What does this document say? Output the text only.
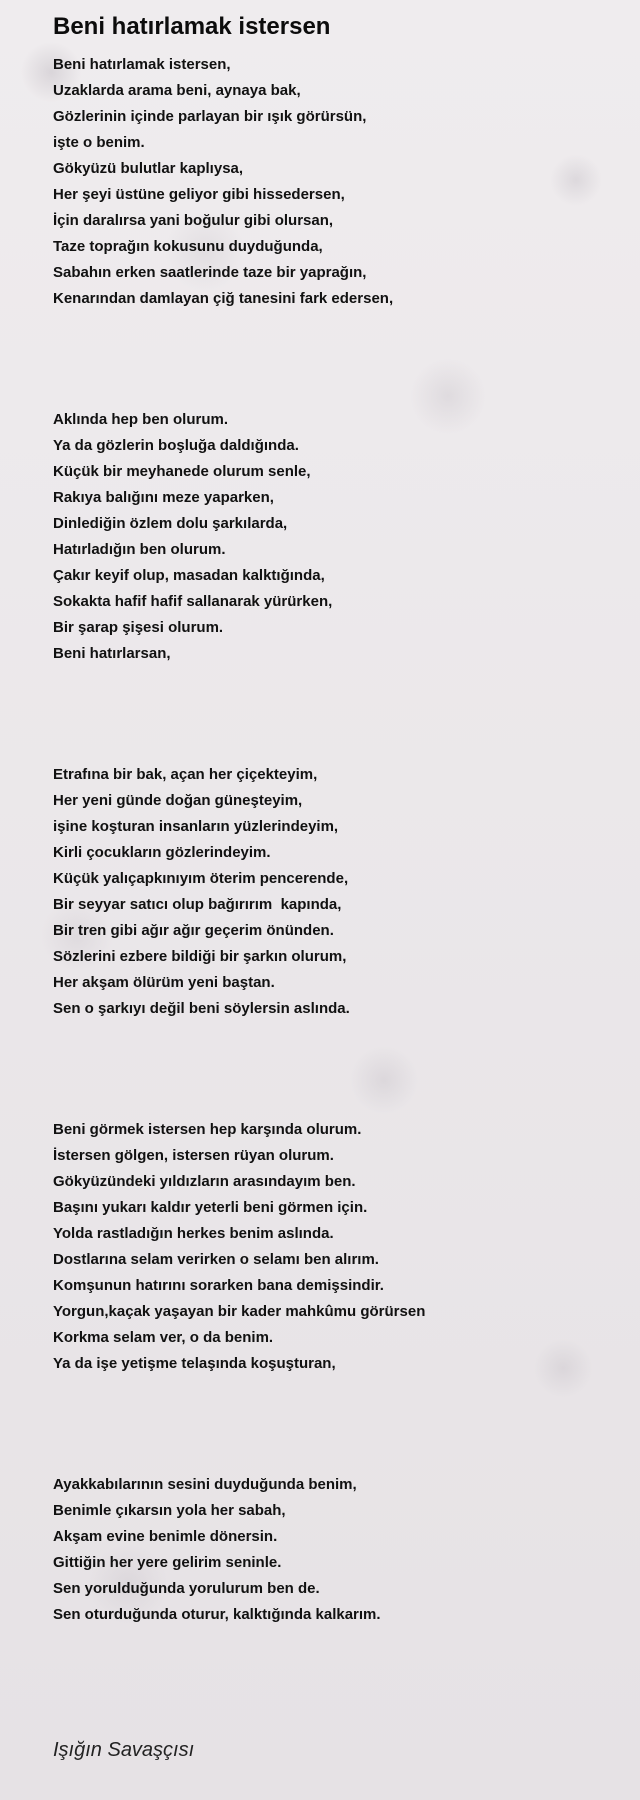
Beni hatırlamak istersen
Beni hatırlamak istersen,
Uzaklarda arama beni, aynaya bak,
Gözlerinin içinde parlayan bir ışık görürsün,
işte o benim.
Gökyüzü bulutlar kaplıysa,
Her şeyi üstüne geliyor gibi hissedersen,
İçin daralırsa yani boğulur gibi olursan,
Taze toprağın kokusunu duyduğunda,
Sabahın erken saatlerinde taze bir yaprağın,
Kenarından damlayan çiğ tanesini fark edersen,
Aklında hep ben olurum.
Ya da gözlerin boşluğa daldığında.
Küçük bir meyhanede olurum senle,
Rakıya balığını meze yaparken,
Dinlediğin özlem dolu şarkılarda,
Hatırladığın ben olurum.
Çakır keyif olup, masadan kalktığında,
Sokakta hafif hafif sallanarak yürürken,
Bir şarap şişesi olurum.
Beni hatırlarsan,
Etrafına bir bak, açan her çiçekteyim,
Her yeni günde doğan güneşteyim,
işine koşturan insanların yüzlerindeyim,
Kirli çocukların gözlerindeyim.
Küçük yalıçapkınıyım öterim pencerende,
Bir seyyar satıcı olup bağırırım  kapında,
Bir tren gibi ağır ağır geçerim önünden.
Sözlerini ezbere bildiği bir şarkın olurum,
Her akşam ölürüm yeni baştan.
Sen o şarkıyı değil beni söylersin aslında.
Beni görmek istersen hep karşında olurum.
İstersen gölgen, istersen rüyan olurum.
Gökyüzündeki yıldızların arasındayım ben.
Başını yukarı kaldır yeterli beni görmen için.
Yolda rastladığın herkes benim aslında.
Dostlarına selam verirken o selamı ben alırım.
Komşunun hatırını sorarken bana demişsindir.
Yorgun,kaçak yaşayan bir kader mahkûmu görürsen
Korkma selam ver, o da benim.
Ya da işe yetişme telaşında koşuşturan,
Ayakkabılarının sesini duyduğunda benim,
Benimle çıkarsın yola her sabah,
Akşam evine benimle dönersin.
Gittiğin her yere gelirim seninle.
Sen yorulduğunda yorulurum ben de.
Sen oturduğunda oturur, kalktığında kalkarım.
Işığın Savaşçısı
